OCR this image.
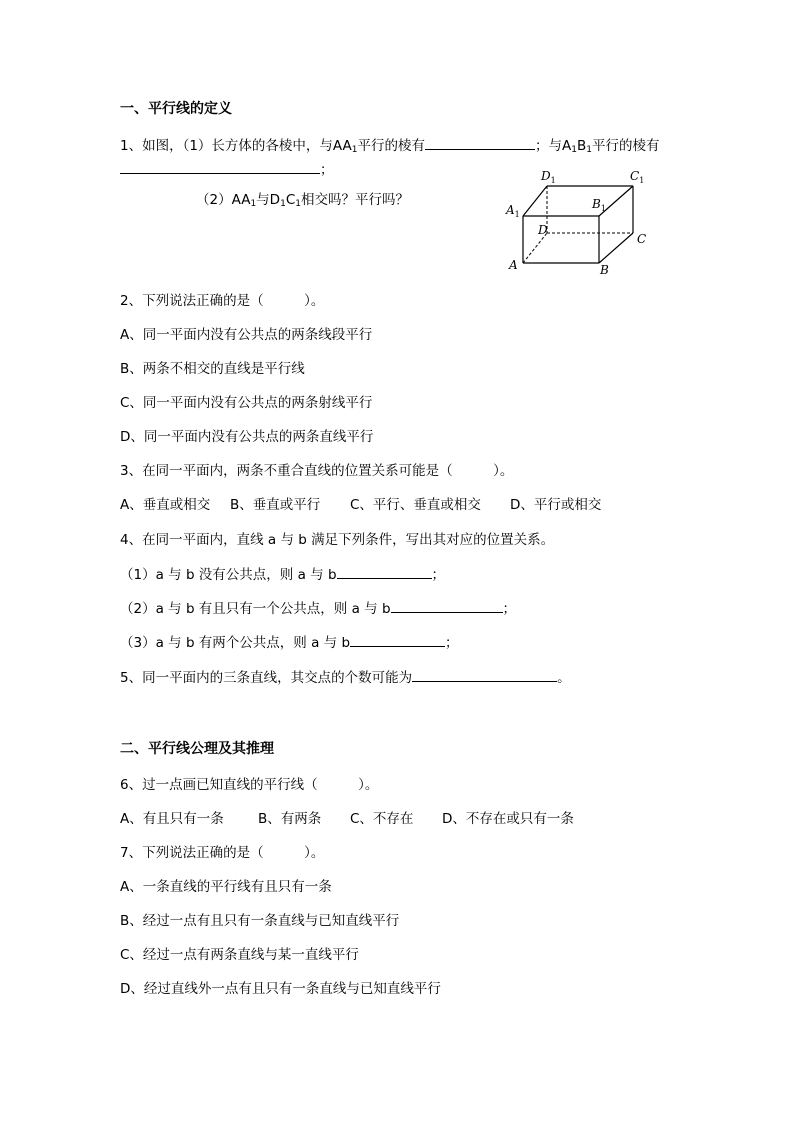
一、平行线的定义
1、如图，（1）长方体的各棱中，与$AA_1$平行的棱有	；与$A_1B_1$平行的棱有
；
$(2)AA_1$与$D_1C_1$相交吗？平行吗？
$D_1$	$C_1$
$B_1$
$A_1$
D
C
A	B
2、下列说法正确的是（　　　）。
A、同一平面内没有公共点的两条线段平行
B、两条不相交的直线是平行线
C、同一平面内没有公共点的两条射线平行
D、同一平面内没有公共点的两条直线平行
3、在同一平面内，两条不重合直线的位置关系可能是（　　　）。
A、垂直或相交 B、垂直或平行 C、平行、垂直或相交 D、平行或相交
4、在同一平面内，直线 a 与 b 满足下列条件，写出其对应的位置关系。
（1）a 与 b 没有公共点，则 a 与 b	；
（2）a 与 b 有且只有一个公共点，则 a 与 b	；
（3）a 与 b 有两个公共点，则 a 与 b	；
5、同一平面内的三条直线，其交点的个数可能为	。
二、平行线公理及其推理
6、过一点画已知直线的平行线（　　　）。
A、有且只有一条	B、有两条 C、不存在 D、不存在或只有一条
7、下列说法正确的是（　　　）。
A、一条直线的平行线有且只有一条
B、经过一点有且只有一条直线与已知直线平行
C、经过一点有两条直线与某一直线平行
D、经过直线外一点有且只有一条直线与已知直线平行
